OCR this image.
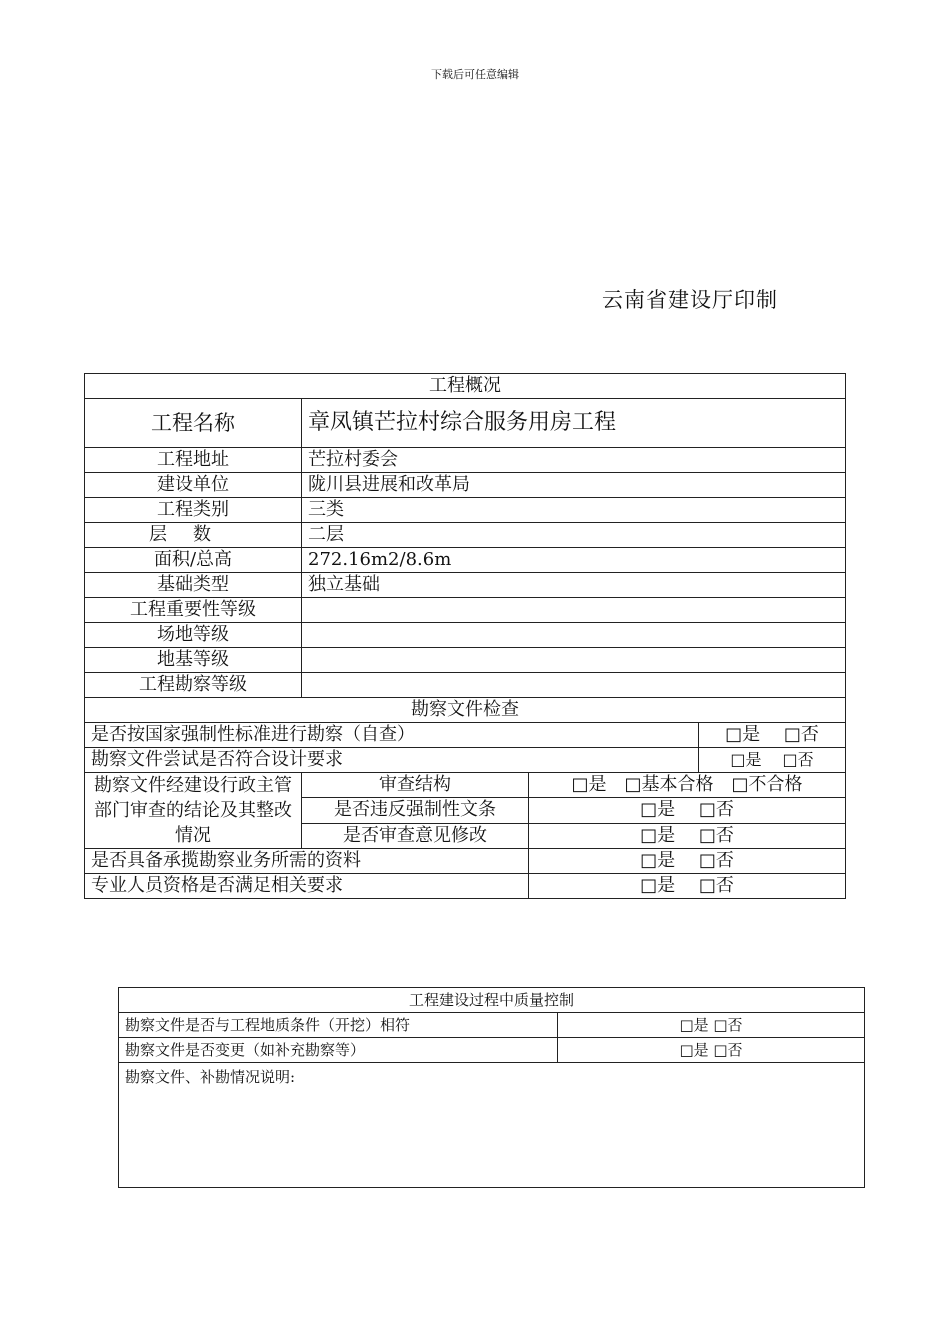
下载后可任意编辑
云南省建设厅印制
工程概况			
工程名称	章凤镇芒拉村综合服务用房工程		
工程地址	芒拉村委会		
建设单位	陇川县进展和改革局		
工程类别	三类		
层数	二层		
面积/总高	272.16m2/8.6m		
基础类型	独立基础		
工程重要性等级			
场地等级			
地基等级			
工程勘察等级			
勘察文件检查			
是否按国家强制性标准进行勘察（自查）			□是　 □否
勘察文件尝试是否符合设计要求			□是　 □否
勘察文件经建设行政主管部门审查的结论及其整改情况	审查结构	□是　□基本合格　□不合格	
	是否违反强制性文条	□是　 □否	
	是否审查意见修改	□是　 □否	
是否具备承揽勘察业务所需的资料		□是　 □否	
专业人员资格是否满足相关要求		□是　 □否	
工程建设过程中质量控制	
勘察文件是否与工程地质条件（开挖）相符	□是 □否
勘察文件是否变更（如补充勘察等）	□是 □否
勘察文件、补勘情况说明:	
